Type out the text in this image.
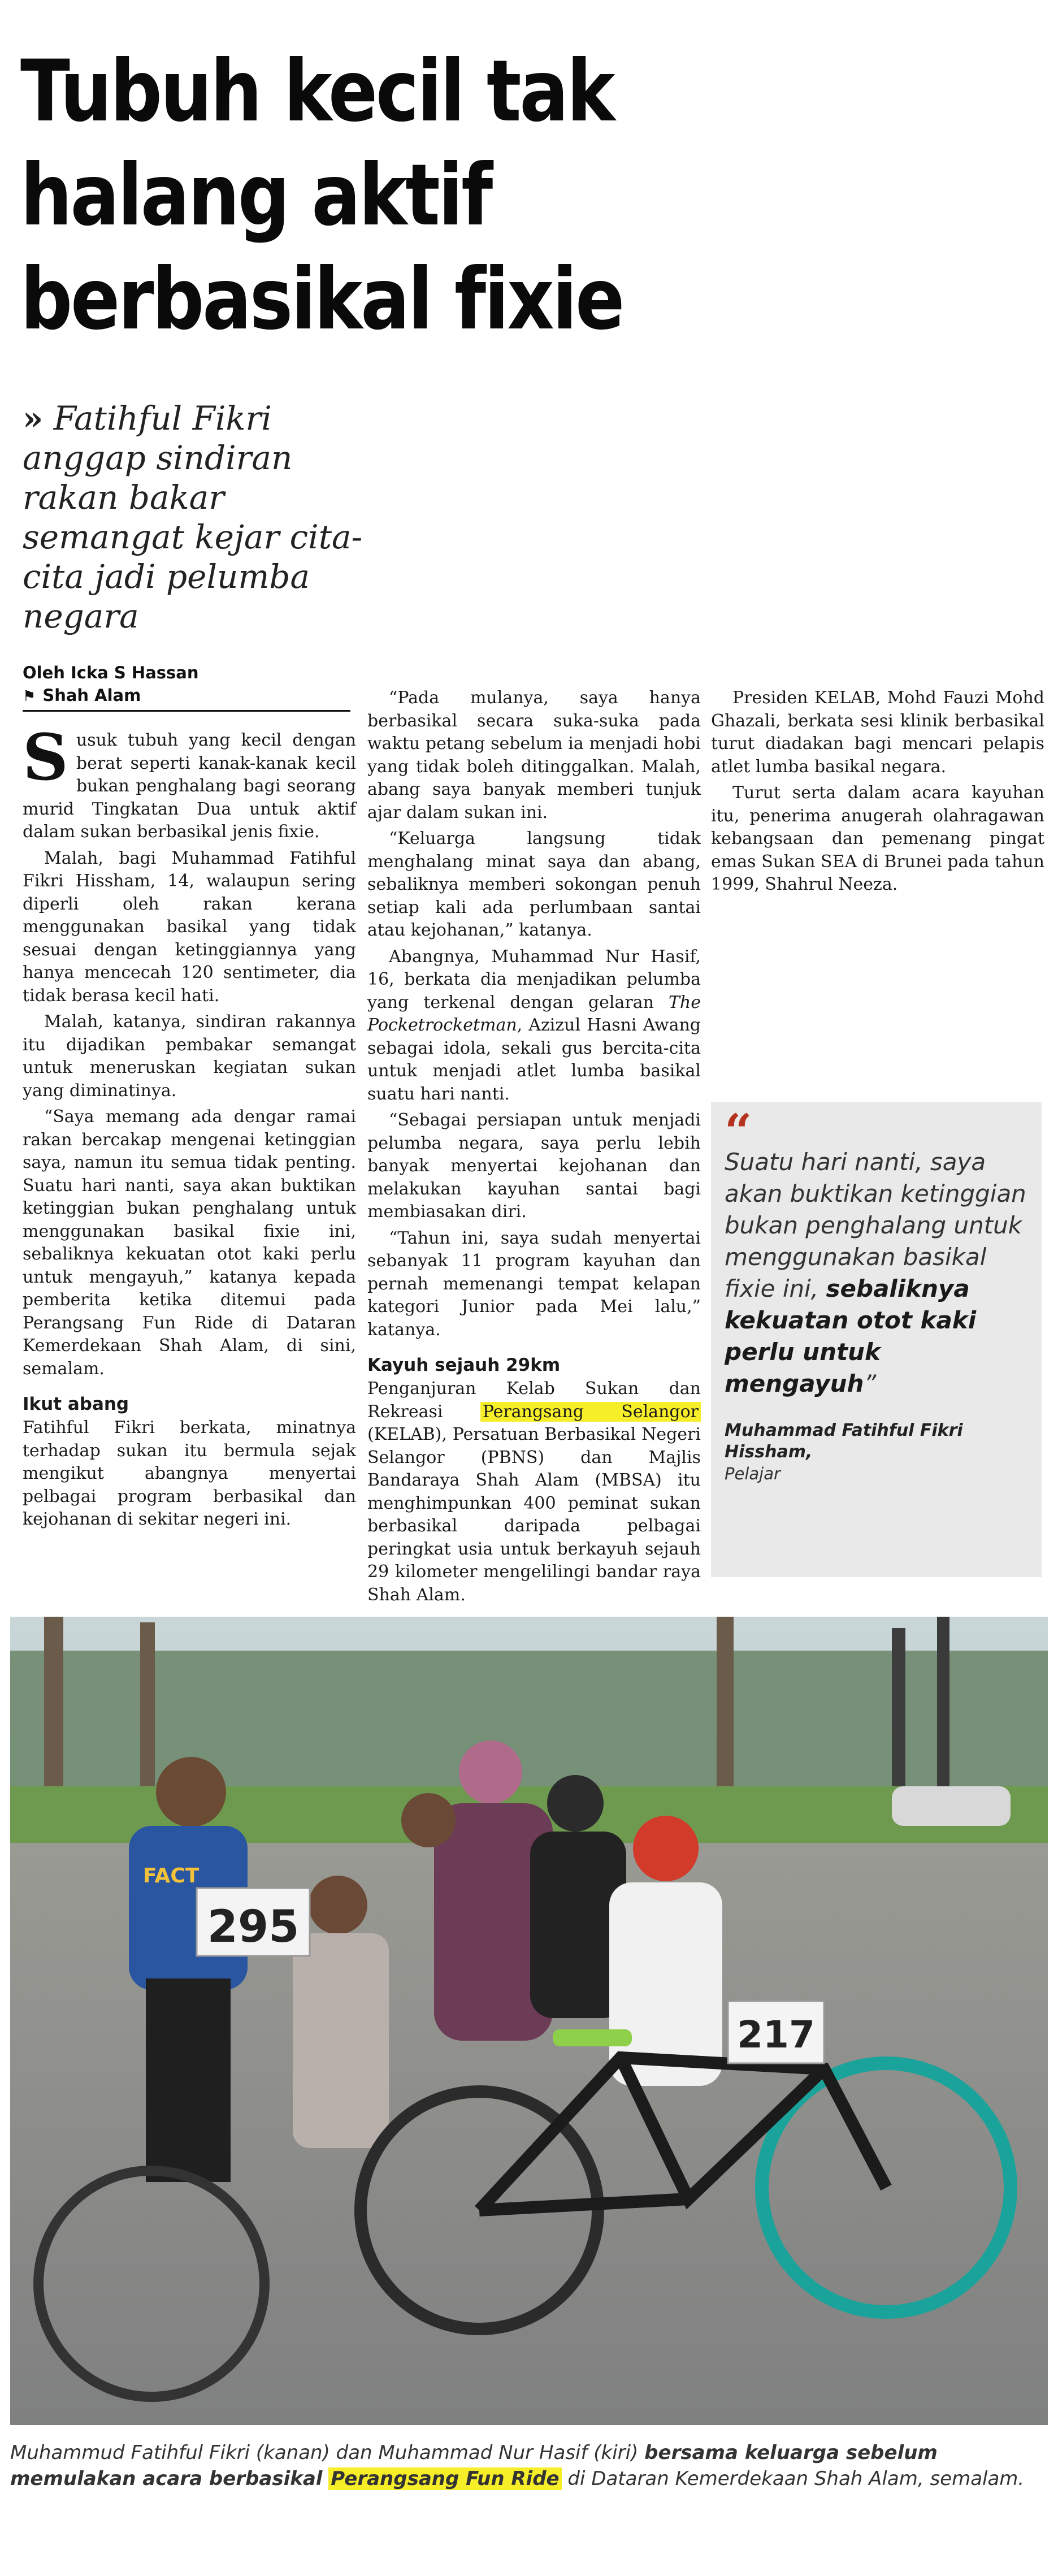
Tubuh kecil tak
halang aktif
berbasikal fixie
» Fatihful Fikri anggap sindiran rakan bakar semangat kejar cita-cita jadi pelumba negara
Oleh Icka S Hassan
⚑ Shah Alam

Susuk tubuh yang kecil dengan berat seperti kanak-kanak kecil bukan penghalang bagi seorang murid Tingkatan Dua untuk aktif dalam sukan berbasikal jenis fixie.

Malah, bagi Muhammad Fatihful Fikri Hissham, 14, walaupun sering diperli oleh rakan kerana menggunakan basikal yang tidak sesuai dengan ketinggiannya yang hanya mencecah 120 sentimeter, dia tidak berasa kecil hati.

Malah, katanya, sindiran rakannya itu dijadikan pembakar semangat untuk meneruskan kegiatan sukan yang diminatinya.

“Saya memang ada dengar ramai rakan bercakap mengenai ketinggian saya, namun itu semua tidak penting. Suatu hari nanti, saya akan buktikan ketinggian bukan penghalang untuk menggunakan basikal fixie ini, sebaliknya kekuatan otot kaki perlu untuk mengayuh,” katanya kepada pemberita ketika ditemui pada Perangsang Fun Ride di Dataran Kemerdekaan Shah Alam, di sini, semalam.

Ikut abang

Fatihful Fikri berkata, minatnya terhadap sukan itu bermula sejak mengikut abangnya menyertai pelbagai program berbasikal dan kejohanan di sekitar negeri ini.

“Pada mulanya, saya hanya berbasikal secara suka-suka pada waktu petang sebelum ia menjadi hobi yang tidak boleh ditinggalkan. Malah, abang saya banyak memberi tunjuk ajar dalam sukan ini.

“Keluarga langsung tidak menghalang minat saya dan abang, sebaliknya memberi sokongan penuh setiap kali ada perlumbaan santai atau kejohanan,” katanya.

Abangnya, Muhammad Nur Hasif, 16, berkata dia menjadikan pelumba yang terkenal dengan gelaran The Pocketrocketman, Azizul Hasni Awang sebagai idola, sekali gus bercita-cita untuk menjadi atlet lumba basikal suatu hari nanti.

“Sebagai persiapan untuk menjadi pelumba negara, saya perlu lebih banyak menyertai kejohanan dan melakukan kayuhan santai bagi membiasakan diri.

“Tahun ini, saya sudah menyertai sebanyak 11 program kayuhan dan pernah memenangi tempat kelapan kategori Junior pada Mei lalu,” katanya.

Kayuh sejauh 29km

Penganjuran Kelab Sukan dan Rekreasi Perangsang Selangor (KELAB), Persatuan Berbasikal Negeri Selangor (PBNS) dan Majlis Bandaraya Shah Alam (MBSA) itu menghimpunkan 400 peminat sukan berbasikal daripada pelbagai peringkat usia untuk berkayuh sejauh 29 kilometer mengelilingi bandar raya Shah Alam.

Presiden KELAB, Mohd Fauzi Mohd Ghazali, berkata sesi klinik berbasikal turut diadakan bagi mencari pelapis atlet lumba basikal negara.

Turut serta dalam acara kayuhan itu, penerima anugerah olahragawan kebangsaan dan pemenang pingat emas Sukan SEA di Brunei pada tahun 1999, Shahrul Neeza.

“
Suatu hari nanti, saya akan buktikan ketinggian bukan penghalang untuk menggunakan basikal fixie ini, sebaliknya kekuatan otot kaki perlu untuk mengayuh”
Muhammad Fatihful Fikri Hissham,
Pelajar
295
217
FACT
Muhammud Fatihful Fikri (kanan) dan Muhammad Nur Hasif (kiri) bersama keluarga sebelum memulakan acara berbasikal Perangsang Fun Ride di Dataran Kemerdekaan Shah Alam, semalam.
